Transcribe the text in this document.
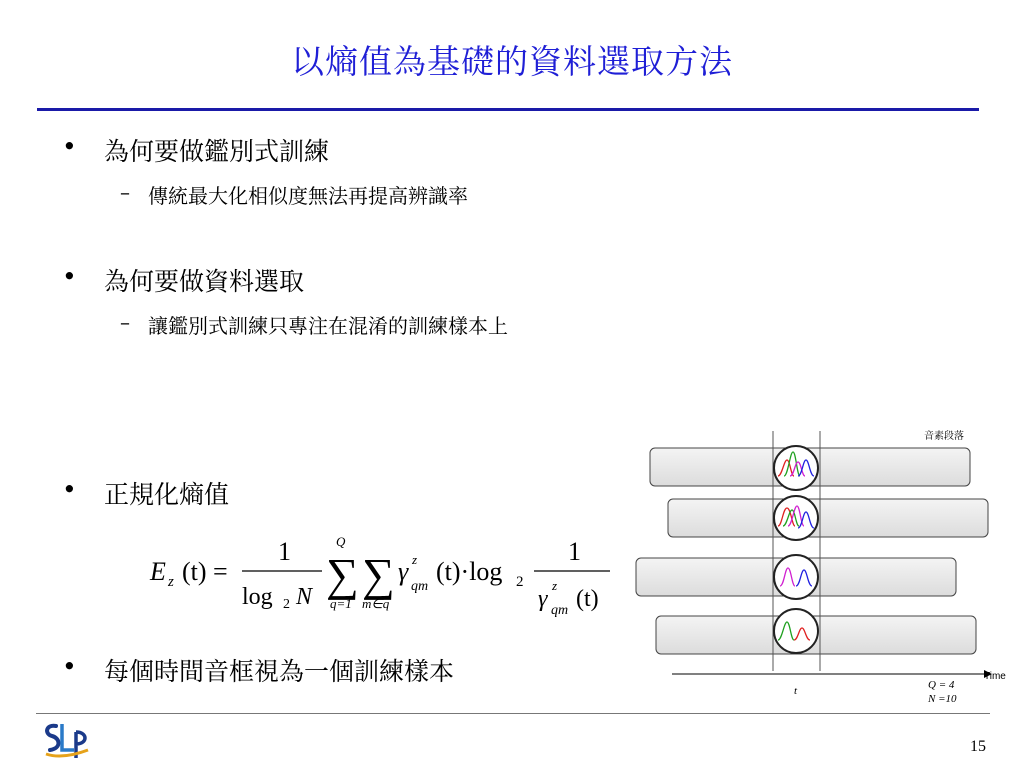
以熵值為基礎的資料選取方法
• 為何要做鑑別式訓練
– 傳統最大化相似度無法再提高辨識率
• 為何要做資料選取
– 讓鑑別式訓練只專注在混淆的訓練樣本上
• 正規化熵值
E z (t) =
1
log 2 N
Q
∑
q=1
∑
m∈q
γ z
qm
(t)·log 2
1
γ
z
qm (t)
• 每個時間音框視為一個訓練樣本
音素段落
Time
t	Q = 4
N =10
15
